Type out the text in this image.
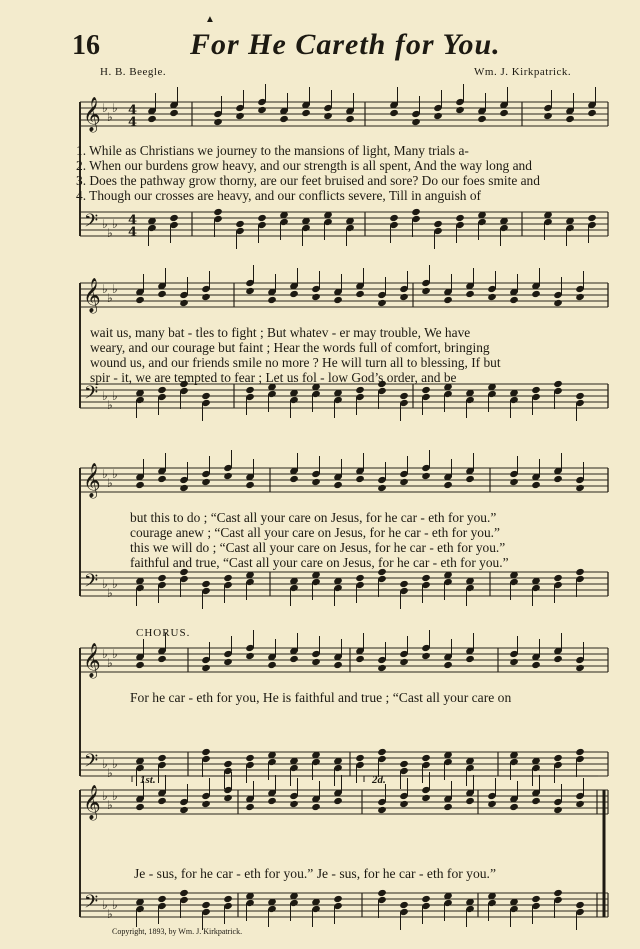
▲
16	For He Careth for You.
H. B. Beegle.	Wm. J. Kirkpatrick.
𝄞
𝄢
♭
♭
♭
♭
♭
♭
4
4
4
4
𝄞
𝄢
♭
♭
♭
♭
♭
♭
𝄞
𝄢
♭
♭
♭
♭
♭
♭
𝄞
𝄢
♭
♭
♭
♭
♭
♭
𝄞
𝄢
♭
♭
♭
♭
♭
♭
1. While as Christians we journey to the mansions of light, Many trials a-
2. When our burdens grow heavy, and our strength is all spent, And the way long and
3. Does the pathway grow thorny, are our feet bruised and sore? Do our foes smite and
4. Though our crosses are heavy, and our conflicts severe, Till in anguish of
wait us, many bat - tles to fight ; But whatev - er may trouble, We have
weary, and our courage but faint ; Hear the words full of comfort, bringing
wound us, and our friends smile no more ? He will turn all to blessing, If but
spir - it, we are tempted to fear ; Let us fol - low God’s order, and be
but this to do ; “Cast all your care on Jesus, for he car - eth for you.”
courage anew ; “Cast all your care on Jesus, for he car - eth for you.”
this we will do ; “Cast all your care on Jesus, for he car - eth for you.”
faithful and true, “Cast all your care on Jesus, for he car - eth for you.”
CHORUS.
For he car - eth for you, He is faithful and true ; “Cast all your care on
1st.	2d.
Je - sus, for he car - eth for you.” Je - sus, for he car - eth for you.”
Copyright, 1893, by Wm. J. Kirkpatrick.
